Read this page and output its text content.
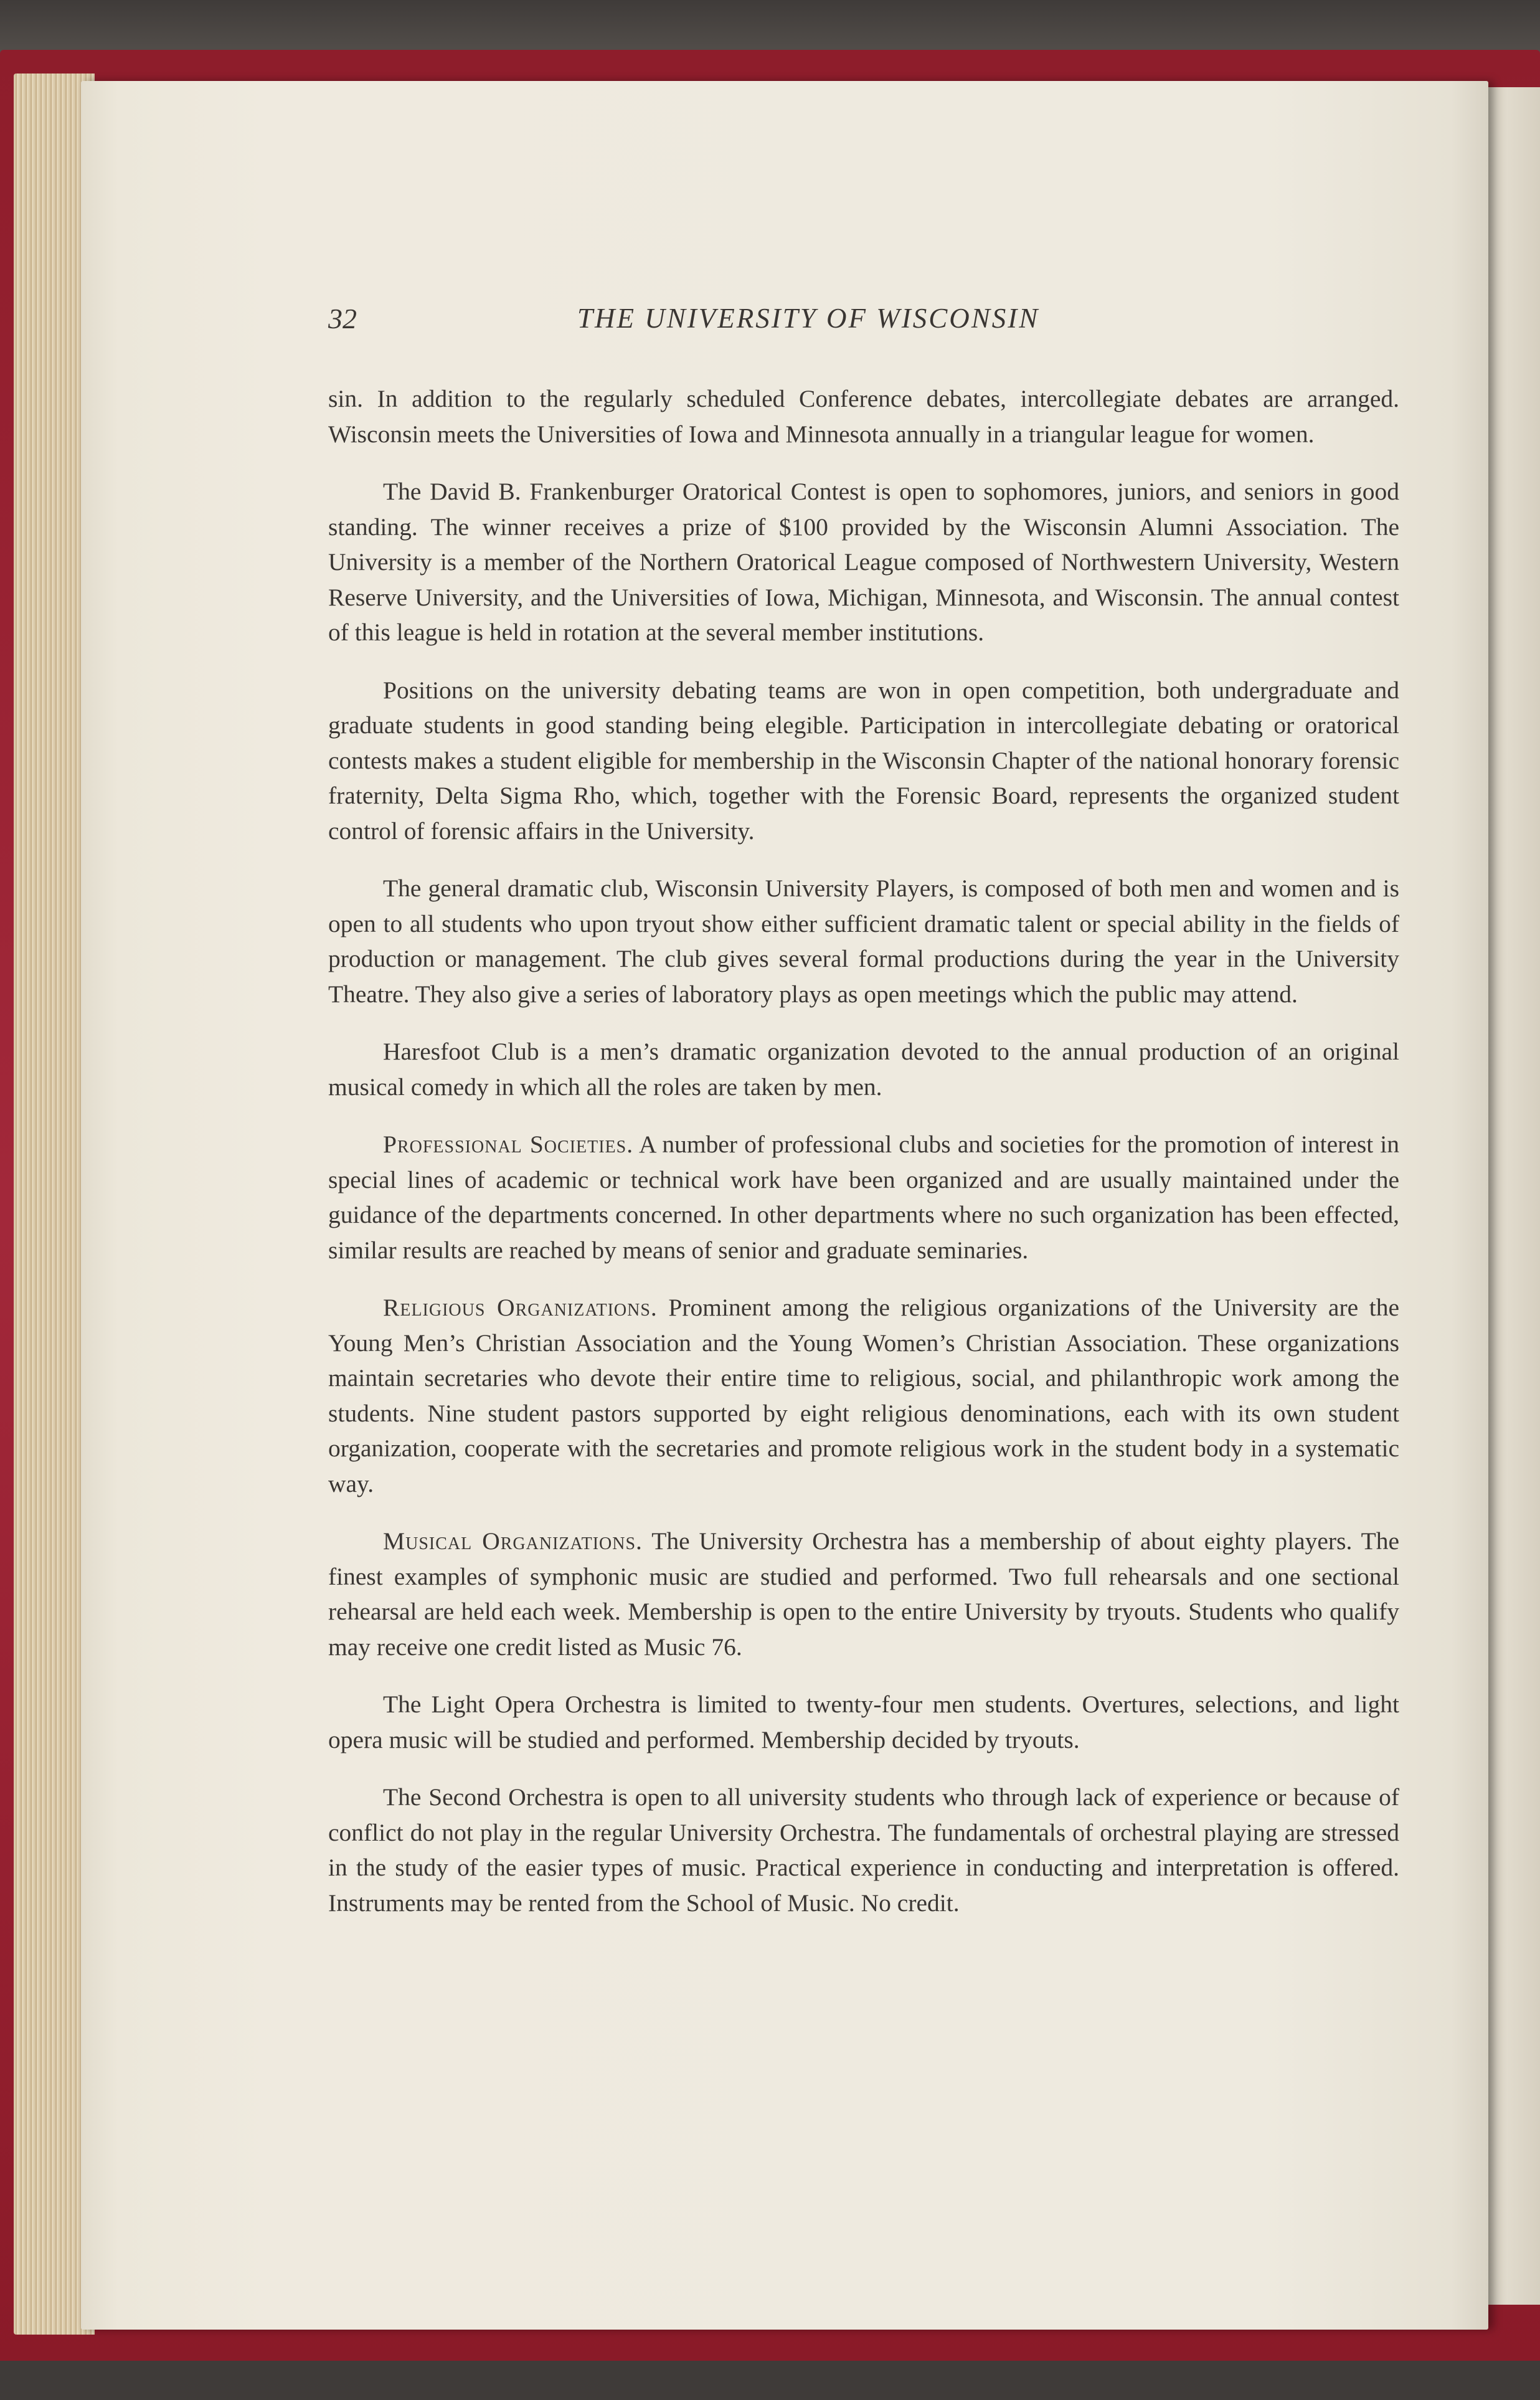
32	THE UNIVERSITY OF WISCONSIN

sin. In addition to the regularly scheduled Conference debates, intercollegiate debates are arranged. Wisconsin meets the Universities of Iowa and Minnesota annually in a triangular league for women.

The David B. Frankenburger Oratorical Contest is open to sophomores, juniors, and seniors in good standing. The winner receives a prize of $100 provided by the Wisconsin Alumni Association. The University is a member of the Northern Oratorical League composed of Northwestern University, Western Reserve University, and the Universities of Iowa, Michigan, Minnesota, and Wisconsin. The annual contest of this league is held in rotation at the several member institutions.

Positions on the university debating teams are won in open competition, both undergraduate and graduate students in good standing being elegible. Participation in intercollegiate debating or oratorical contests makes a student eligible for membership in the Wisconsin Chapter of the national honorary forensic fraternity, Delta Sigma Rho, which, together with the Forensic Board, represents the organized student control of forensic affairs in the University.

The general dramatic club, Wisconsin University Players, is composed of both men and women and is open to all students who upon tryout show either sufficient dramatic talent or special ability in the fields of production or management. The club gives several formal productions during the year in the University Theatre. They also give a series of laboratory plays as open meetings which the public may attend.

Haresfoot Club is a men’s dramatic organization devoted to the annual production of an original musical comedy in which all the roles are taken by men.

Professional Societies. A number of professional clubs and societies for the promotion of interest in special lines of academic or technical work have been organized and are usually maintained under the guidance of the departments concerned. In other departments where no such organization has been effected, similar results are reached by means of senior and graduate seminaries.

Religious Organizations. Prominent among the religious organizations of the University are the Young Men’s Christian Association and the Young Women’s Christian Association. These organizations maintain secretaries who devote their entire time to religious, social, and philanthropic work among the students. Nine student pastors supported by eight religious denominations, each with its own student organization, cooperate with the secretaries and promote religious work in the student body in a systematic way.

Musical Organizations. The University Orchestra has a membership of about eighty players. The finest examples of symphonic music are studied and performed. Two full rehearsals and one sectional rehearsal are held each week. Membership is open to the entire University by tryouts. Students who qualify may receive one credit listed as Music 76.

The Light Opera Orchestra is limited to twenty-four men students. Overtures, selections, and light opera music will be studied and performed. Membership decided by tryouts.

The Second Orchestra is open to all university students who through lack of experience or because of conflict do not play in the regular University Orchestra. The fundamentals of orchestral playing are stressed in the study of the easier types of music. Practical experience in conducting and interpretation is offered. Instruments may be rented from the School of Music. No credit.
